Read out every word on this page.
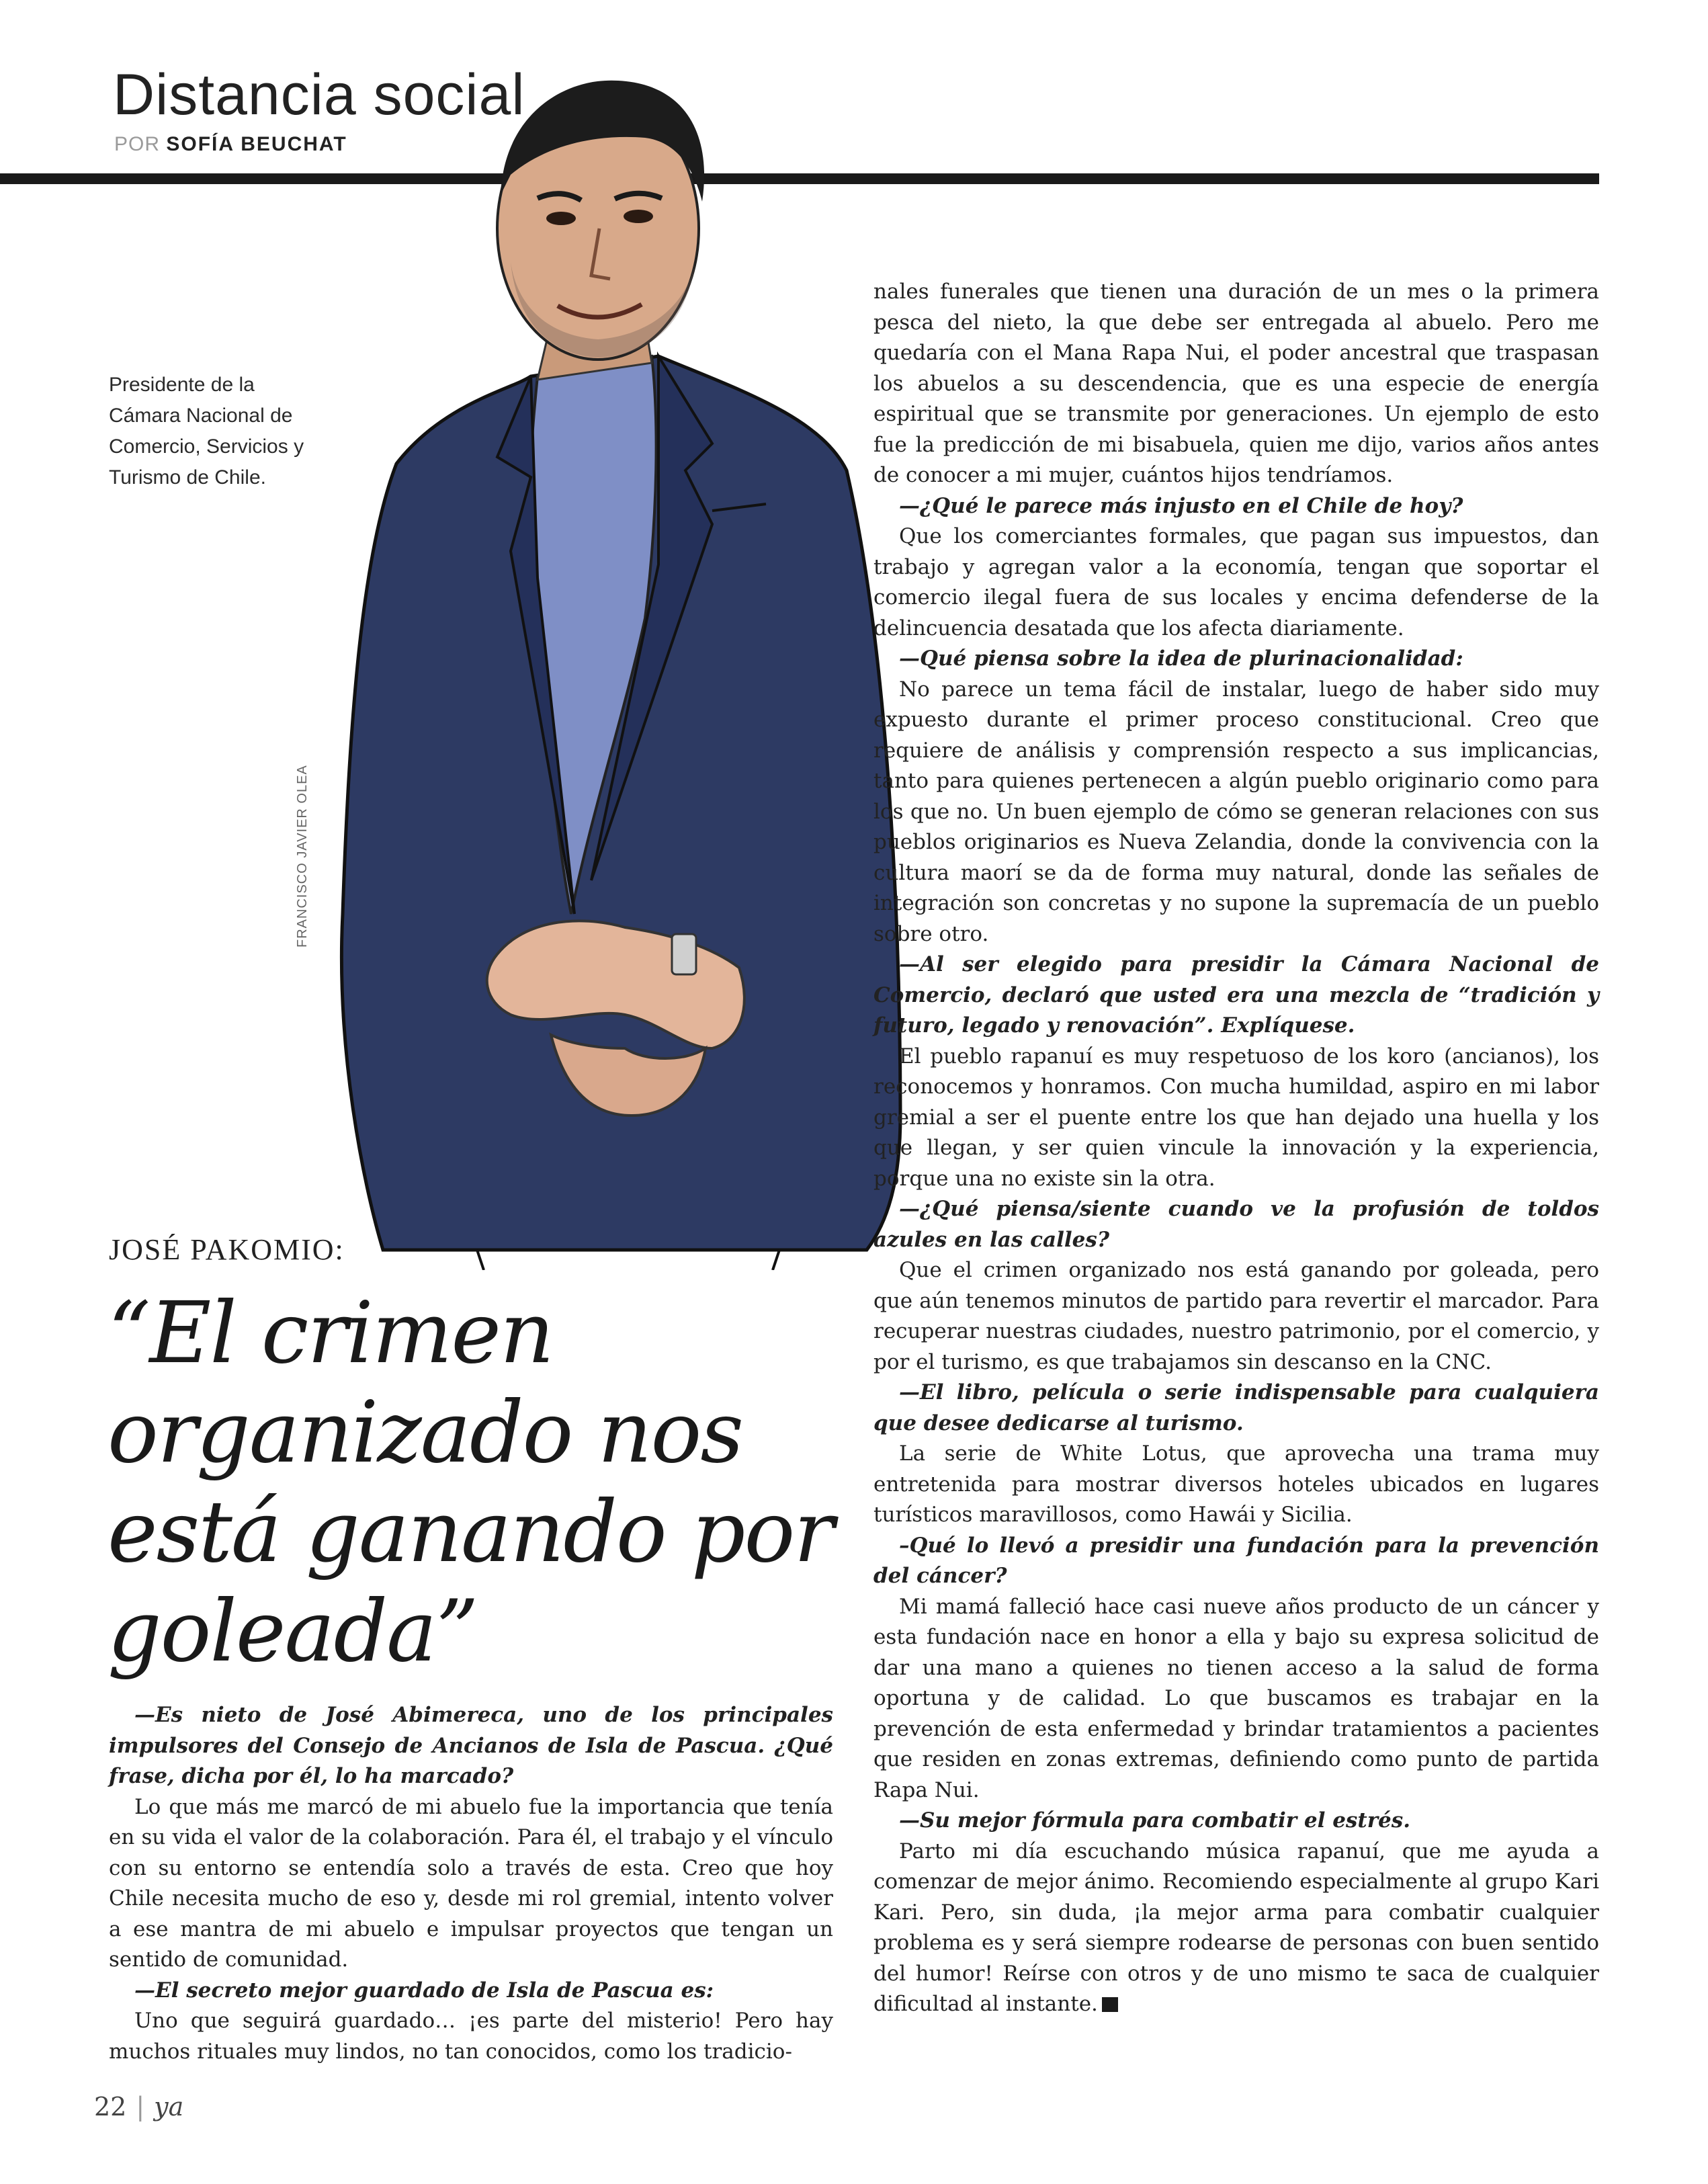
Distancia social
POR SOFÍA BEUCHAT
Presidente de la Cámara Nacional de Comercio, Servicios y Turismo de Chile.
FRANCISCO JAVIER OLEA
JOSÉ PAKOMIO:
“El crimen organizado nos está ganando por goleada”

—Es nieto de José Abimereca, uno de los principales impulsores del Consejo de Ancianos de Isla de Pascua. ¿Qué frase, dicha por él, lo ha marcado?

Lo que más me marcó de mi abuelo fue la importancia que tenía en su vida el valor de la colaboración. Para él, el trabajo y el vínculo con su entorno se entendía solo a través de esta. Creo que hoy Chile necesita mucho de eso y, desde mi rol gremial, intento volver a ese mantra de mi abuelo e impulsar proyectos que tengan un sentido de comunidad.

—El secreto mejor guardado de Isla de Pascua es:

Uno que seguirá guardado… ¡es parte del misterio! Pero hay muchos rituales muy lindos, no tan conocidos, como los tradicio-

nales funerales que tienen una duración de un mes o la primera pesca del nieto, la que debe ser entregada al abuelo. Pero me quedaría con el Mana Rapa Nui, el poder ancestral que traspasan los abuelos a su descendencia, que es una especie de energía espiritual que se transmite por generaciones. Un ejemplo de esto fue la predicción de mi bisabuela, quien me dijo, varios años antes de conocer a mi mujer, cuántos hijos tendríamos.

—¿Qué le parece más injusto en el Chile de hoy?

Que los comerciantes formales, que pagan sus impuestos, dan trabajo y agregan valor a la economía, tengan que soportar el comercio ilegal fuera de sus locales y encima defenderse de la delincuencia desatada que los afecta diariamente.

—Qué piensa sobre la idea de plurinacionalidad:

No parece un tema fácil de instalar, luego de haber sido muy expuesto durante el primer proceso constitucional. Creo que requiere de análisis y comprensión respecto a sus implicancias, tanto para quienes pertenecen a algún pueblo originario como para los que no. Un buen ejemplo de cómo se generan relaciones con sus pueblos originarios es Nueva Zelandia, donde la convivencia con la cultura maorí se da de forma muy natural, donde las señales de integración son concretas y no supone la supremacía de un pueblo sobre otro.

—Al ser elegido para presidir la Cámara Nacional de Comercio, declaró que usted era una mezcla de “tradición y futuro, legado y renovación”. Explíquese.

El pueblo rapanuí es muy respetuoso de los koro (ancianos), los reconocemos y honramos. Con mucha humildad, aspiro en mi labor gremial a ser el puente entre los que han dejado una huella y los que llegan, y ser quien vincule la innovación y la experiencia, porque una no existe sin la otra.

—¿Qué piensa/siente cuando ve la profusión de toldos azules en las calles?

Que el crimen organizado nos está ganando por goleada, pero que aún tenemos minutos de partido para revertir el marcador. Para recuperar nuestras ciudades, nuestro patrimonio, por el comercio, y por el turismo, es que trabajamos sin descanso en la CNC.

—El libro, película o serie indispensable para cualquiera que desee dedicarse al turismo.

La serie de White Lotus, que aprovecha una trama muy entretenida para mostrar diversos hoteles ubicados en lugares turísticos maravillosos, como Hawái y Sicilia.

–Qué lo llevó a presidir una fundación para la prevención del cáncer?

Mi mamá falleció hace casi nueve años producto de un cáncer y esta fundación nace en honor a ella y bajo su expresa solicitud de dar una mano a quienes no tienen acceso a la salud de forma oportuna y de calidad. Lo que buscamos es trabajar en la prevención de esta enfermedad y brindar tratamientos a pacientes que residen en zonas extremas, definiendo como punto de partida Rapa Nui.

—Su mejor fórmula para combatir el estrés.

Parto mi día escuchando música rapanuí, que me ayuda a comenzar de mejor ánimo. Recomiendo especialmente al grupo Kari Kari. Pero, sin duda, ¡la mejor arma para combatir cualquier problema es y será siempre rodearse de personas con buen sentido del humor! Reírse con otros y de uno mismo te saca de cualquier dificultad al instante.

22 | ya
